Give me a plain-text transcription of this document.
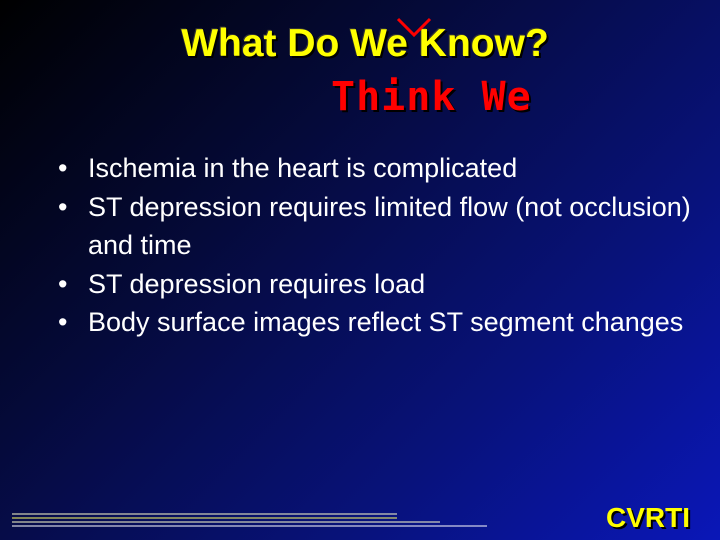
What Do We Know?
Think We
• Ischemia in the heart is complicated
• ST depression requires limited flow (not occlusion) and time
• ST depression requires load
• Body surface images reflect ST segment changes
CVRTI
